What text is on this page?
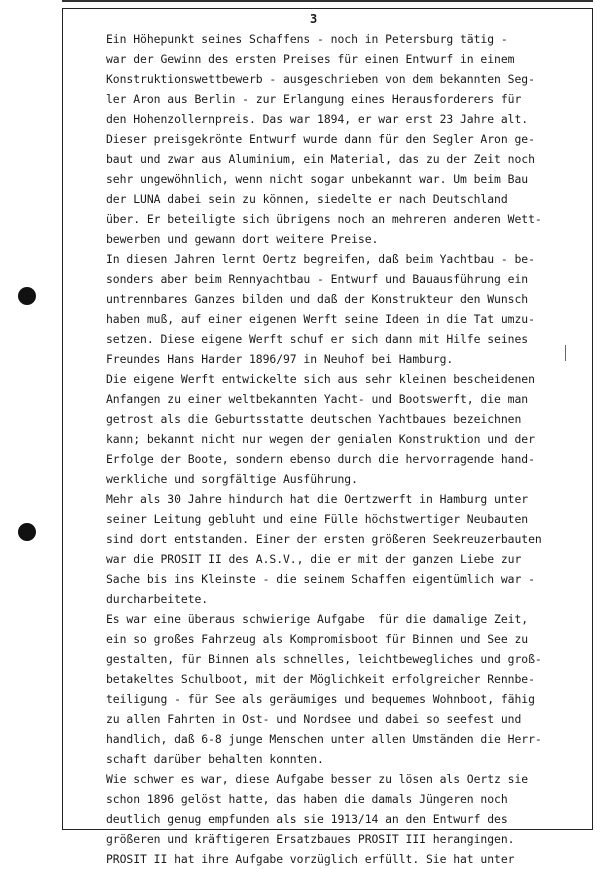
3
Ein Höhepunkt seines Schaffens - noch in Petersburg tätig -
war der Gewinn des ersten Preises für einen Entwurf in einem
Konstruktionswettbewerb - ausgeschrieben von dem bekannten Seg-
ler Aron aus Berlin - zur Erlangung eines Herausforderers für
den Hohenzollernpreis. Das war 1894, er war erst 23 Jahre alt.
Dieser preisgekrönte Entwurf wurde dann für den Segler Aron ge-
baut und zwar aus Aluminium, ein Material, das zu der Zeit noch
sehr ungewöhnlich, wenn nicht sogar unbekannt war. Um beim Bau
der LUNA dabei sein zu können, siedelte er nach Deutschland
über. Er beteiligte sich übrigens noch an mehreren anderen Wett-
bewerben und gewann dort weitere Preise.
In diesen Jahren lernt Oertz begreifen, daß beim Yachtbau - be-
sonders aber beim Rennyachtbau - Entwurf und Bauausführung ein
untrennbares Ganzes bilden und daß der Konstrukteur den Wunsch
haben muß, auf einer eigenen Werft seine Ideen in die Tat umzu-
setzen. Diese eigene Werft schuf er sich dann mit Hilfe seines
Freundes Hans Harder 1896/97 in Neuhof bei Hamburg.
Die eigene Werft entwickelte sich aus sehr kleinen bescheidenen
Anfangen zu einer weltbekannten Yacht- und Bootswerft, die man
getrost als die Geburtsstatte deutschen Yachtbaues bezeichnen
kann; bekannt nicht nur wegen der genialen Konstruktion und der
Erfolge der Boote, sondern ebenso durch die hervorragende hand-
werkliche und sorgfältige Ausführung.
Mehr als 30 Jahre hindurch hat die Oertzwerft in Hamburg unter
seiner Leitung gebluht und eine Fülle höchstwertiger Neubauten
sind dort entstanden. Einer der ersten größeren Seekreuzerbauten
war die PROSIT II des A.S.V., die er mit der ganzen Liebe zur
Sache bis ins Kleinste - die seinem Schaffen eigentümlich war -
durcharbeitete.
Es war eine überaus schwierige Aufgabe  für die damalige Zeit,
ein so großes Fahrzeug als Kompromisboot für Binnen und See zu
gestalten, für Binnen als schnelles, leichtbewegliches und groß-
betakeltes Schulboot, mit der Möglichkeit erfolgreicher Rennbe-
teiligung - für See als geräumiges und bequemes Wohnboot, fähig
zu allen Fahrten in Ost- und Nordsee und dabei so seefest und
handlich, daß 6-8 junge Menschen unter allen Umständen die Herr-
schaft darüber behalten konnten.
Wie schwer es war, diese Aufgabe besser zu lösen als Oertz sie
schon 1896 gelöst hatte, das haben die damals Jüngeren noch
deutlich genug empfunden als sie 1913/14 an den Entwurf des
größeren und kräftigeren Ersatzbaues PROSIT III herangingen.
PROSIT II hat ihre Aufgabe vorzüglich erfüllt. Sie hat unter
